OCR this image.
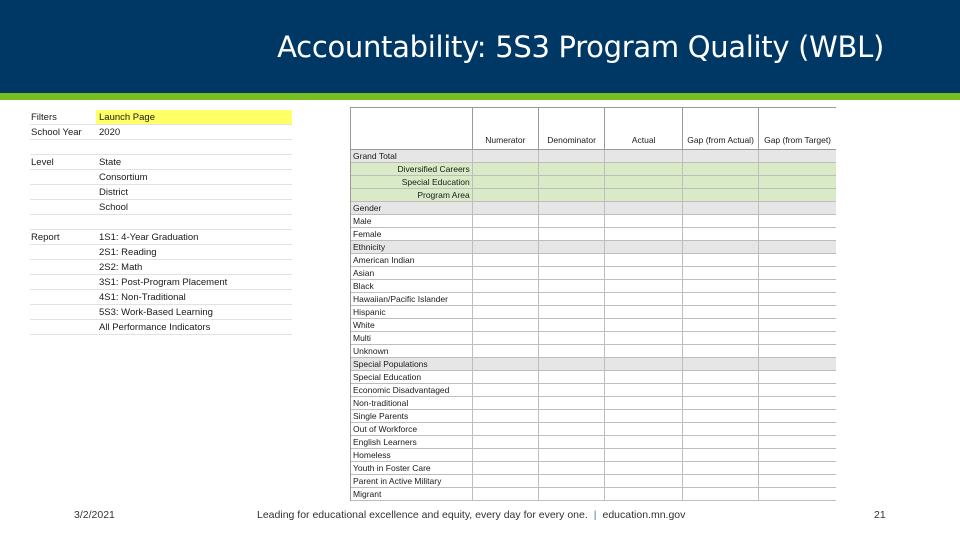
Accountability: 5S3 Program Quality (WBL)
Filters	Launch Page
School Year	2020
Level	State
Consortium
District
School
Report	1S1: 4-Year Graduation
2S1: Reading
2S2: Math
3S1: Post-Program Placement
4S1: Non-Traditional
5S3: Work-Based Learning
All Performance Indicators
Numerator	Denominator	Actual	Gap (from Actual)	Gap (from Target)
Grand Total
Diversified Careers
Special Education
Program Area
Gender
Male
Female
Ethnicity
American Indian
Asian
Black
Hawaiian/Pacific Islander
Hispanic
White
Multi
Unknown
Special Populations
Special Education
Economic Disadvantaged
Non-traditional
Single Parents
Out of Workforce
English Learners
Homeless
Youth in Foster Care
Parent in Active Military
Migrant
3/2/2021	Leading for educational excellence and equity, every day for every one. | education.mn.gov	21
